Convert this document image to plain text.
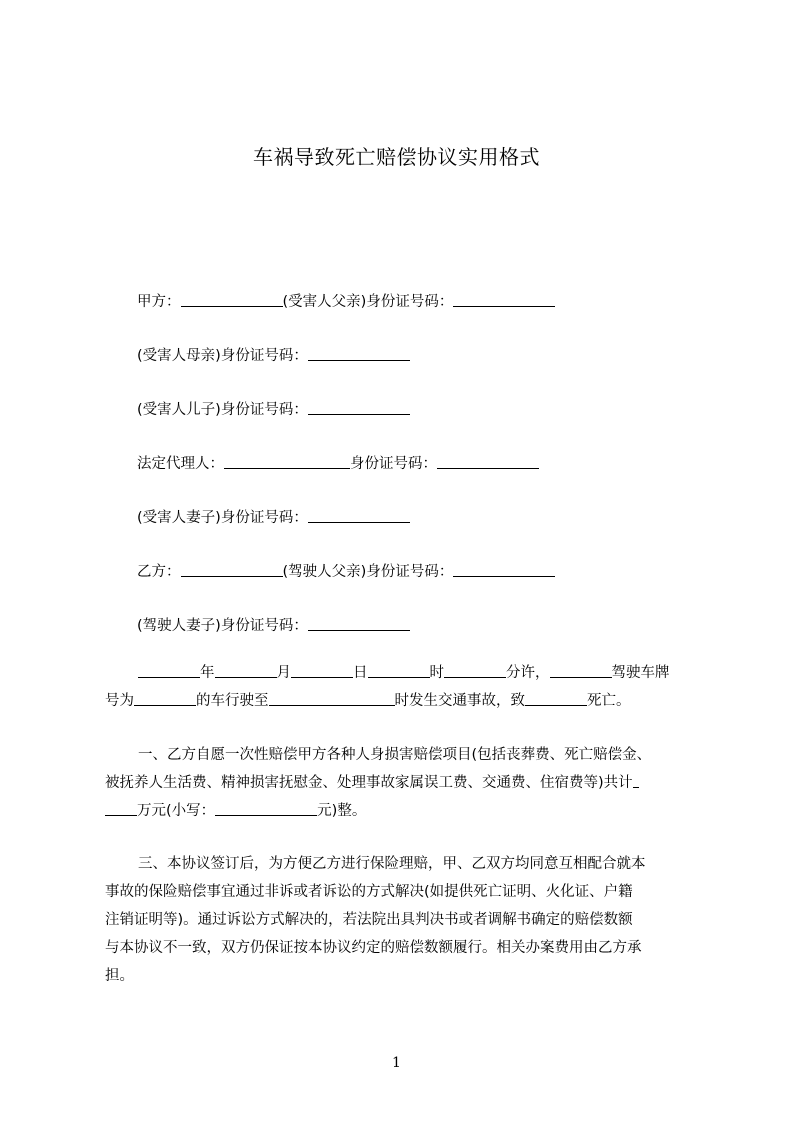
车祸导致死亡赔偿协议实用格式
甲方：	(受害人父亲)身份证号码：
(受害人母亲)身份证号码：
(受害人儿子)身份证号码：
法定代理人：	身份证号码：
(受害人妻子)身份证号码：
乙方：	(驾驶人父亲)身份证号码：
(驾驶人妻子)身份证号码：
年	月	日	时	分许，	驾驶车牌
号为	的车行驶至	时发生交通事故，致	死亡。
一、乙方自愿一次性赔偿甲方各种人身损害赔偿项目(包括丧葬费、死亡赔偿金、
被抚养人生活费、精神损害抚慰金、处理事故家属误工费、交通费、住宿费等)共计
万元(小写：	元)整。
三、本协议签订后，为方便乙方进行保险理赔，甲、乙双方均同意互相配合就本
事故的保险赔偿事宜通过非诉或者诉讼的方式解决(如提供死亡证明、火化证、户籍
注销证明等)。通过诉讼方式解决的，若法院出具判决书或者调解书确定的赔偿数额
与本协议不一致，双方仍保证按本协议约定的赔偿数额履行。相关办案费用由乙方承
担。
1
